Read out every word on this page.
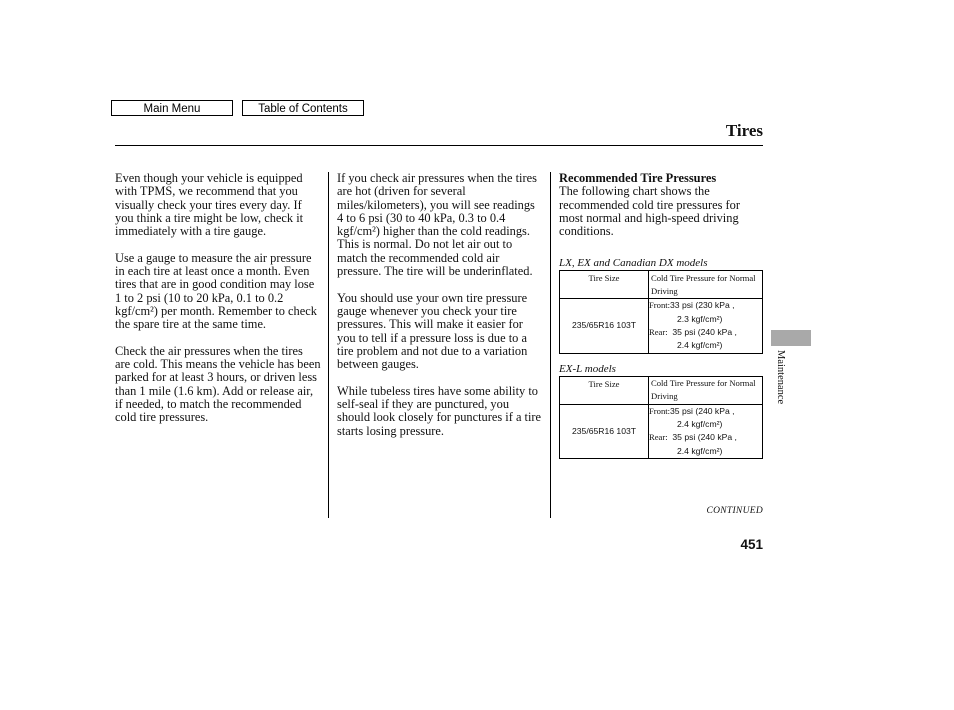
Main Menu	Table of Contents
Tires

Even though your vehicle is equipped with TPMS, we recommend that you visually check your tires every day. If you think a tire might be low, check it immediately with a tire gauge.

Use a gauge to measure the air pressure in each tire at least once a month. Even tires that are in good condition may lose 1 to 2 psi (10 to 20 kPa, 0.1 to 0.2 kgf/cm²) per month. Remember to check the spare tire at the same time.

Check the air pressures when the tires are cold. This means the vehicle has been parked for at least 3 hours, or driven less than 1 mile (1.6 km). Add or release air, if needed, to match the recommended cold tire pressures.

If you check air pressures when the tires are hot (driven for several miles/kilometers), you will see readings 4 to 6 psi (30 to 40 kPa, 0.3 to 0.4 kgf/cm²) higher than the cold readings. This is normal. Do not let air out to match the recommended cold air pressure. The tire will be underinflated.

You should use your own tire pressure gauge whenever you check your tire pressures. This will make it easier for you to tell if a pressure loss is due to a tire problem and not due to a variation between gauges.

While tubeless tires have some ability to self-seal if they are punctured, you should look closely for punctures if a tire starts losing pressure.

Recommended Tire Pressures

The following chart shows the recommended cold tire pressures for most normal and high-speed driving conditions.

LX, EX and Canadian DX models
Tire Size	Cold Tire Pressure for Normal Driving
235/65R16 103T	Front:33 psi (230 kPa ,
2.3 kgf/cm²)
Rear: 35 psi (240 kPa ,
2.4 kgf/cm²)
EX-L models
Tire Size	Cold Tire Pressure for Normal Driving
235/65R16 103T	Front:35 psi (240 kPa ,
2.4 kgf/cm²)
Rear: 35 psi (240 kPa ,
2.4 kgf/cm²)
Maintenance
CONTINUED
451
